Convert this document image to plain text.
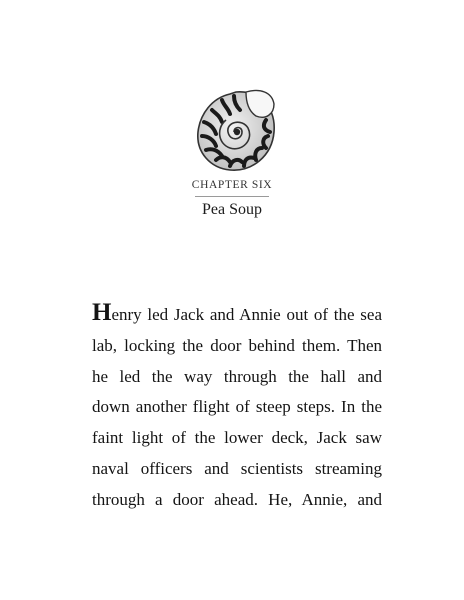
CHAPTER SIX
Pea Soup
Henry led Jack and Annie out of the sea
lab, locking the door behind them. Then
he led the way through the hall and
down another flight of steep steps. In the
faint light of the lower deck, Jack saw
naval officers and scientists streaming
through a door ahead. He, Annie, and
